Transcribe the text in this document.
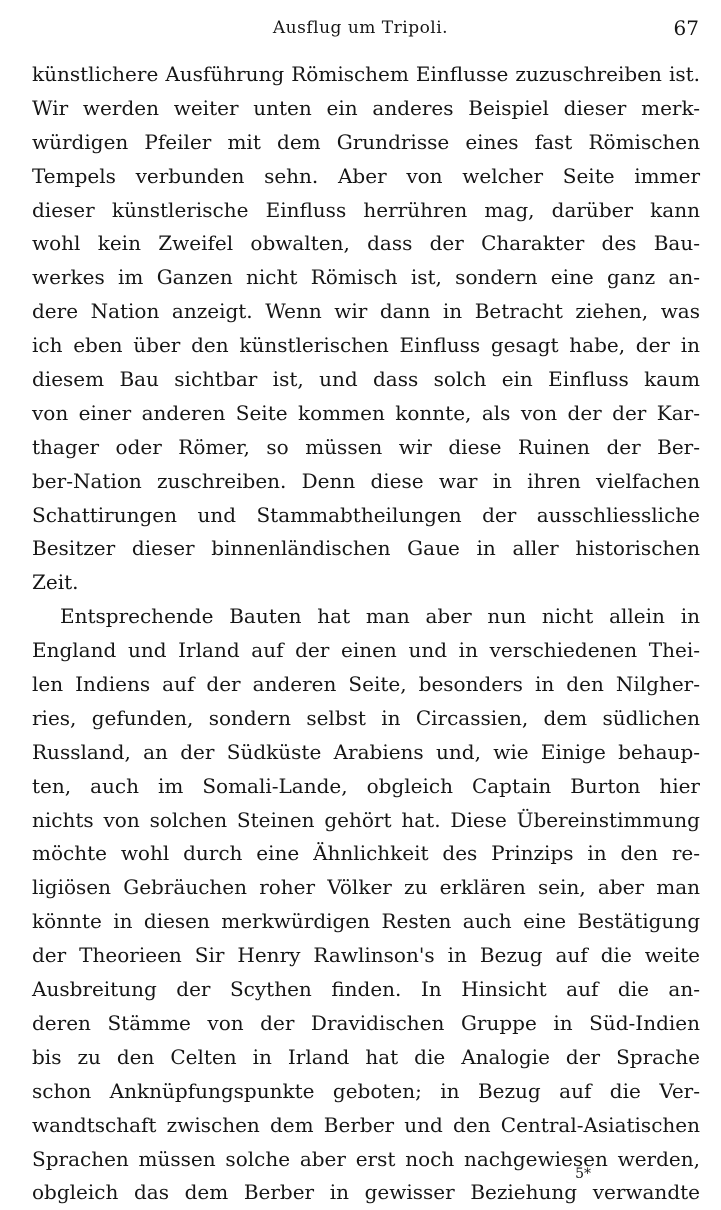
Ausflug um Tripoli.	67
künstlichere Ausführung Römischem Einflusse zuzuschreiben ist.
Wir werden weiter unten ein anderes Beispiel dieser merk-
würdigen Pfeiler mit dem Grundrisse eines fast Römischen
Tempels verbunden sehn. Aber von welcher Seite immer
dieser künstlerische Einfluss herrühren mag, darüber kann
wohl kein Zweifel obwalten, dass der Charakter des Bau-
werkes im Ganzen nicht Römisch ist, sondern eine ganz an-
dere Nation anzeigt. Wenn wir dann in Betracht ziehen, was
ich eben über den künstlerischen Einfluss gesagt habe, der in
diesem Bau sichtbar ist, und dass solch ein Einfluss kaum
von einer anderen Seite kommen konnte, als von der der Kar-
thager oder Römer, so müssen wir diese Ruinen der Ber-
ber-Nation zuschreiben. Denn diese war in ihren vielfachen
Schattirungen und Stammabtheilungen der ausschliessliche
Besitzer dieser binnenländischen Gaue in aller historischen
Zeit.
Entsprechende Bauten hat man aber nun nicht allein in
England und Irland auf der einen und in verschiedenen Thei-
len Indiens auf der anderen Seite, besonders in den Nilgher-
ries, gefunden, sondern selbst in Circassien, dem südlichen
Russland, an der Südküste Arabiens und, wie Einige behaup-
ten, auch im Somali-Lande, obgleich Captain Burton hier
nichts von solchen Steinen gehört hat. Diese Übereinstimmung
möchte wohl durch eine Ähnlichkeit des Prinzips in den re-
ligiösen Gebräuchen roher Völker zu erklären sein, aber man
könnte in diesen merkwürdigen Resten auch eine Bestätigung
der Theorieen Sir Henry Rawlinson's in Bezug auf die weite
Ausbreitung der Scythen finden. In Hinsicht auf die an-
deren Stämme von der Dravidischen Gruppe in Süd-Indien
bis zu den Celten in Irland hat die Analogie der Sprache
schon Anknüpfungspunkte geboten; in Bezug auf die Ver-
wandtschaft zwischen dem Berber und den Central-Asiatischen
Sprachen müssen solche aber erst noch nachgewiesen werden,
obgleich das dem Berber in gewisser Beziehung verwandte
5*
